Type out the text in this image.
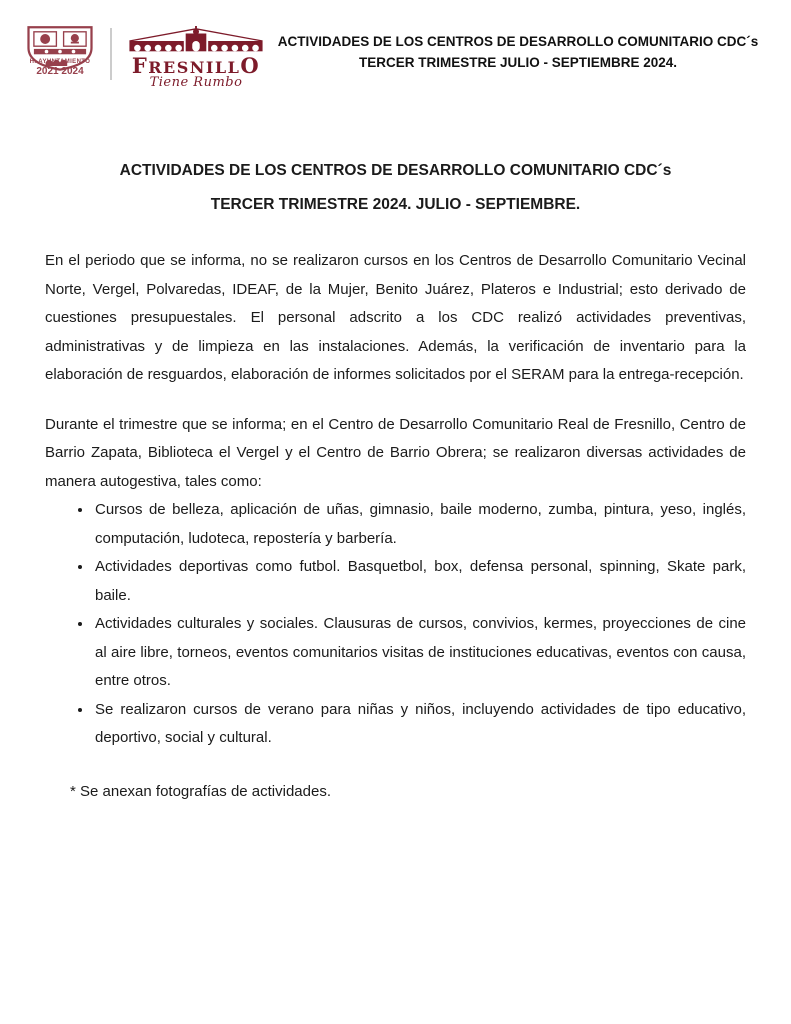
H. AYUNTAMIENTO
2021 2024	FRESNILLO
Tiene Rumbo
ACTIVIDADES DE LOS CENTROS DE DESARROLLO COMUNITARIO CDC´s
TERCER TRIMESTRE JULIO - SEPTIEMBRE 2024.
ACTIVIDADES DE LOS CENTROS DE DESARROLLO COMUNITARIO CDC´s
TERCER TRIMESTRE 2024. JULIO - SEPTIEMBRE.

En el periodo que se informa, no se realizaron cursos en los Centros de Desarrollo Comunitario Vecinal Norte, Vergel, Polvaredas, IDEAF, de la Mujer, Benito Juárez, Plateros e Industrial; esto derivado de cuestiones presupuestales. El personal adscrito a los CDC realizó actividades preventivas, administrativas y de limpieza en las instalaciones. Además, la verificación de inventario para la elaboración de resguardos, elaboración de informes solicitados por el SERAM para la entrega-recepción.

Durante el trimestre que se informa; en el Centro de Desarrollo Comunitario Real de Fresnillo, Centro de Barrio Zapata, Biblioteca el Vergel y el Centro de Barrio Obrera; se realizaron diversas actividades de manera autogestiva, tales como:

• Cursos de belleza, aplicación de uñas, gimnasio, baile moderno, zumba, pintura, yeso, inglés, computación, ludoteca, repostería y barbería.
• Actividades deportivas como futbol. Basquetbol, box, defensa personal, spinning, Skate park, baile.
• Actividades culturales y sociales. Clausuras de cursos, convivios, kermes, proyecciones de cine al aire libre, torneos, eventos comunitarios visitas de instituciones educativas, eventos con causa, entre otros.
• Se realizaron cursos de verano para niñas y niños, incluyendo actividades de tipo educativo, deportivo, social y cultural.

* Se anexan fotografías de actividades.
